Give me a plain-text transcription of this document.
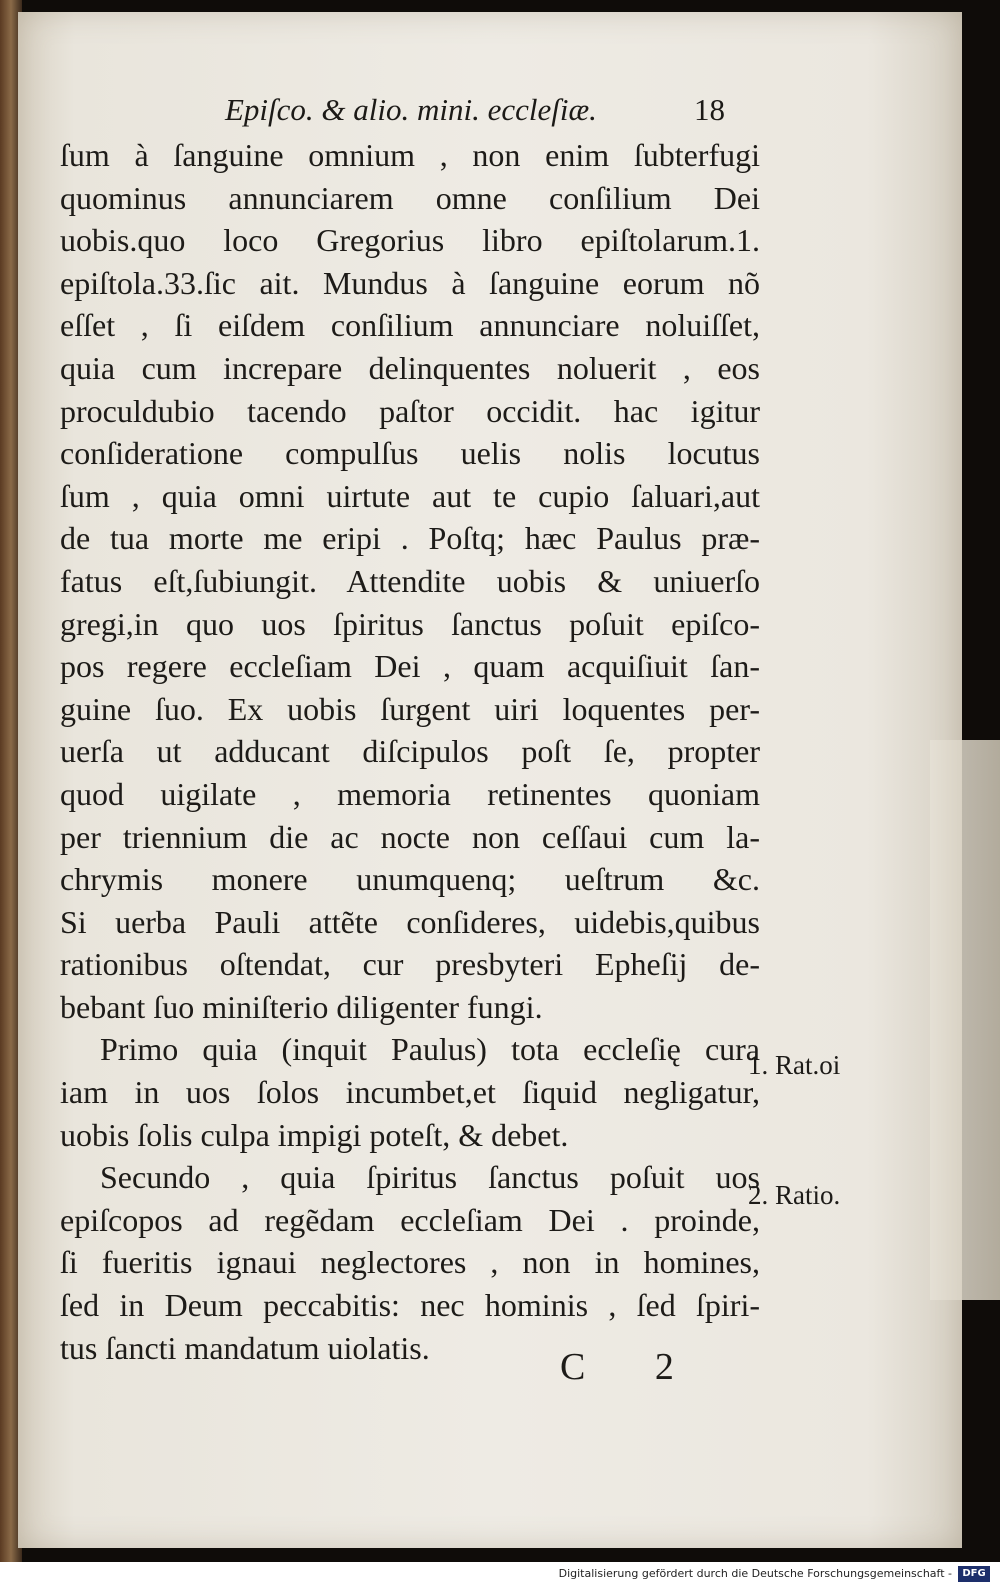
Epiſco. & alio. mini. eccleſiæ.	18
ſum à ſanguine omnium , non enim ſubterfugi
quominus annunciarem omne conſilium Dei
uobis.quo loco Gregorius libro epiſtolarum.1.
epiſtola.33.ſic ait. Mundus à ſanguine eorum nõ
eſſet , ſi eiſdem conſilium annunciare noluiſſet,
quia cum increpare delinquentes noluerit , eos
proculdubio tacendo paſtor occidit. hac igitur
conſideratione compulſus uelis nolis locutus
ſum , quia omni uirtute aut te cupio ſaluari,aut
de tua morte me eripi . Poſtq; hæc Paulus præ-
fatus eſt,ſubiungit. Attendite uobis & uniuerſo
gregi,in quo uos ſpiritus ſanctus poſuit epiſco-
pos regere eccleſiam Dei , quam acquiſiuit ſan-
guine ſuo. Ex uobis ſurgent uiri loquentes per-
uerſa ut adducant diſcipulos poſt ſe, propter
quod uigilate , memoria retinentes quoniam
per triennium die ac nocte non ceſſaui cum la-
chrymis monere unumquenq; ueſtrum &c.
Si uerba Pauli attẽte conſideres, uidebis,quibus
rationibus oſtendat, cur presbyteri Epheſij de-
bebant ſuo miniſterio diligenter fungi.
Primo quia (inquit Paulus) tota eccleſię cura
iam in uos ſolos incumbet,et ſiquid negligatur,
uobis ſolis culpa impigi poteſt, & debet.
Secundo , quia ſpiritus ſanctus poſuit uos
epiſcopos ad regẽdam eccleſiam Dei . proinde,
ſi fueritis ignaui neglectores , non in homines,
ſed in Deum peccabitis: nec hominis , ſed ſpiri-
tus ſancti mandatum uiolatis.
1. Rat.oi
2. Ratio.
C 2
Digitalisierung gefördert durch die Deutsche Forschungsgemeinschaft -	DFG
